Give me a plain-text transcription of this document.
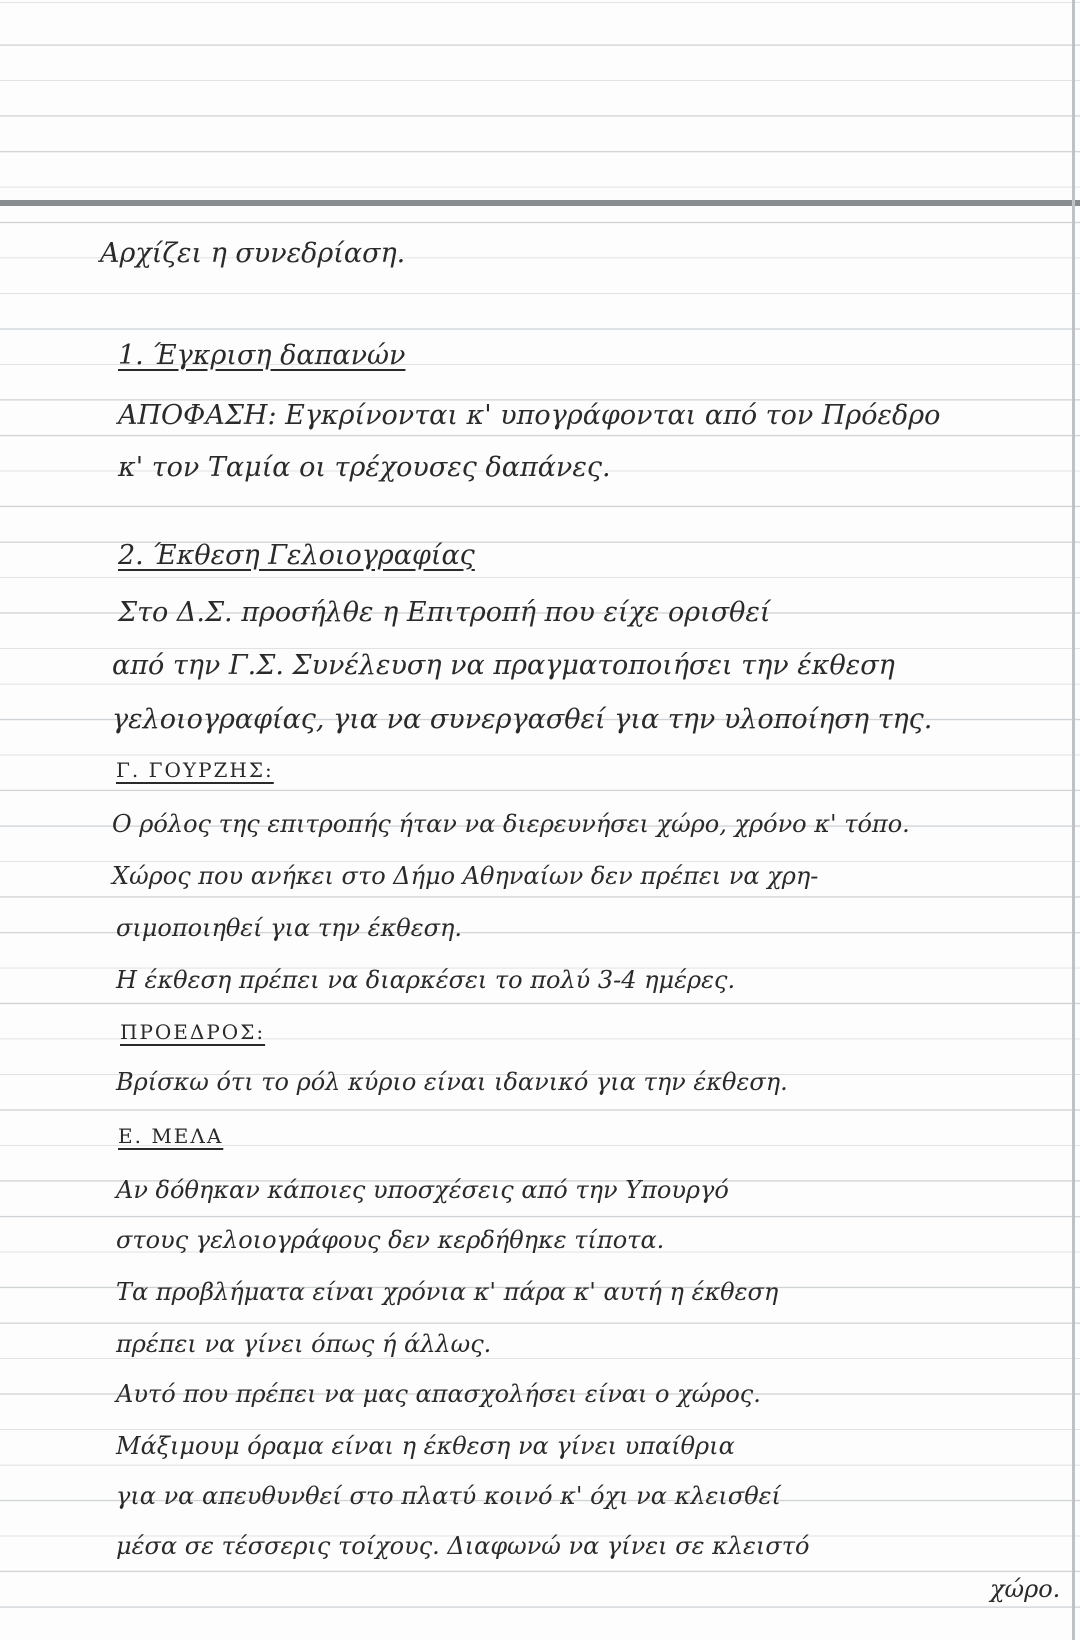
Αρχίζει η συνεδρίαση.
1. Έγκριση δαπανών
ΑΠΟΦΑΣΗ: Εγκρίνονται κ' υπογράφονται από τον Πρόεδρο
κ' τον Ταμία οι τρέχουσες δαπάνες.
2. Έκθεση Γελοιογραφίας
Στο Δ.Σ. προσήλθε η Επιτροπή που είχε ορισθεί
από την Γ.Σ. Συνέλευση να πραγματοποιήσει την έκθεση
γελοιογραφίας, για να συνεργασθεί για την υλοποίηση της.
Γ. ΓΟΥΡΖΗΣ:
Ο ρόλος της επιτροπής ήταν να διερευνήσει χώρο, χρόνο κ' τόπο.
Χώρος που ανήκει στο Δήμο Αθηναίων δεν πρέπει να χρη-
σιμοποιηθεί για την έκθεση.
Η έκθεση πρέπει να διαρκέσει το πολύ 3-4 ημέρες.
ΠΡΟΕΔΡΟΣ:
Βρίσκω ότι το ρόλ κύριο είναι ιδανικό για την έκθεση.
Ε. ΜΕΛΑ
Αν δόθηκαν κάποιες υποσχέσεις από την Υπουργό
στους γελοιογράφους δεν κερδήθηκε τίποτα.
Τα προβλήματα είναι χρόνια κ' πάρα κ' αυτή η έκθεση
πρέπει να γίνει όπως ή άλλως.
Αυτό που πρέπει να μας απασχολήσει είναι ο χώρος.
Μάξιμουμ όραμα είναι η έκθεση να γίνει υπαίθρια
για να απευθυνθεί στο πλατύ κοινό κ' όχι να κλεισθεί
μέσα σε τέσσερις τοίχους. Διαφωνώ να γίνει σε κλειστό
χώρο.
